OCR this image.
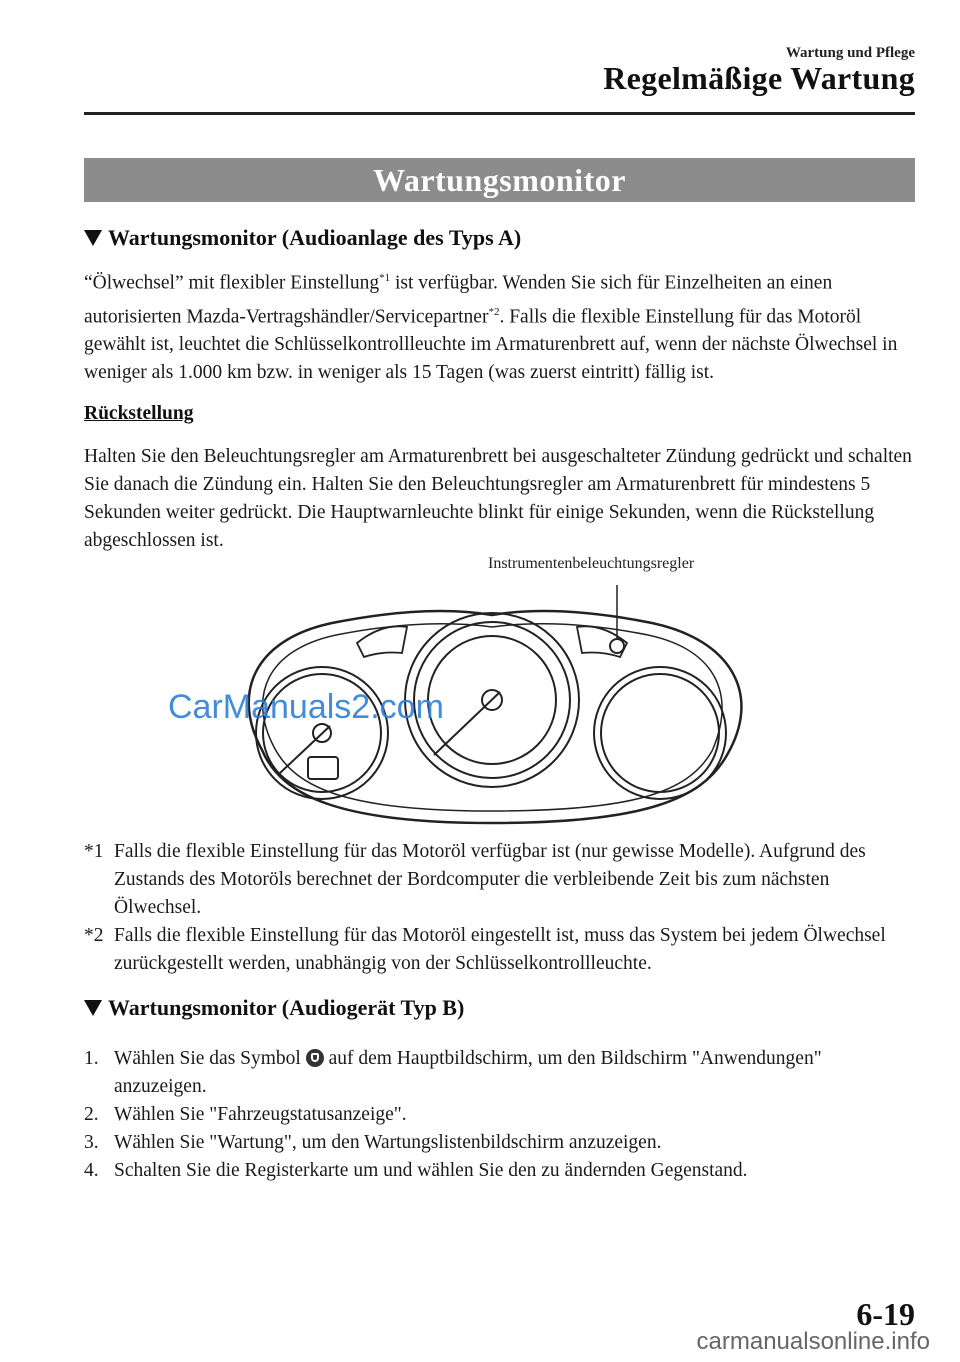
Wartung und Pflege
Regelmäßige Wartung
Wartungsmonitor
Wartungsmonitor (Audioanlage des Typs A)
“Ölwechsel” mit flexibler Einstellung$^{*1}$ ist verfügbar. Wenden Sie sich für Einzelheiten an einen autorisierten Mazda-Vertragshändler/Servicepartner$^{*2}$. Falls die flexible Einstellung für das Motoröl gewählt ist, leuchtet die Schlüsselkontrollleuchte im Armaturenbrett auf, wenn der nächste Ölwechsel in weniger als 1.000 km bzw. in weniger als 15 Tagen (was zuerst eintritt) fällig ist.
Rückstellung
Halten Sie den Beleuchtungsregler am Armaturenbrett bei ausgeschalteter Zündung gedrückt und schalten Sie danach die Zündung ein. Halten Sie den Beleuchtungsregler am Armaturenbrett für mindestens 5 Sekunden weiter gedrückt. Die Hauptwarnleuchte blinkt für einige Sekunden, wenn die Rückstellung abgeschlossen ist.
Instrumentenbeleuchtungsregler
CarManuals2.com
*1 Falls die flexible Einstellung für das Motoröl verfügbar ist (nur gewisse Modelle). Aufgrund des Zustands des Motoröls berechnet der Bordcomputer die verbleibende Zeit bis zum nächsten Ölwechsel.
*2 Falls die flexible Einstellung für das Motoröl eingestellt ist, muss das System bei jedem Ölwechsel zurückgestellt werden, unabhängig von der Schlüsselkontrollleuchte.
Wartungsmonitor (Audiogerät Typ B)
1. Wählen Sie das Symbol  auf dem Hauptbildschirm, um den Bildschirm "Anwendungen" anzuzeigen.
2. Wählen Sie "Fahrzeugstatusanzeige".
3. Wählen Sie "Wartung", um den Wartungslistenbildschirm anzuzeigen.
4. Schalten Sie die Registerkarte um und wählen Sie den zu ändernden Gegenstand.
6-19
carmanualsonline.info
